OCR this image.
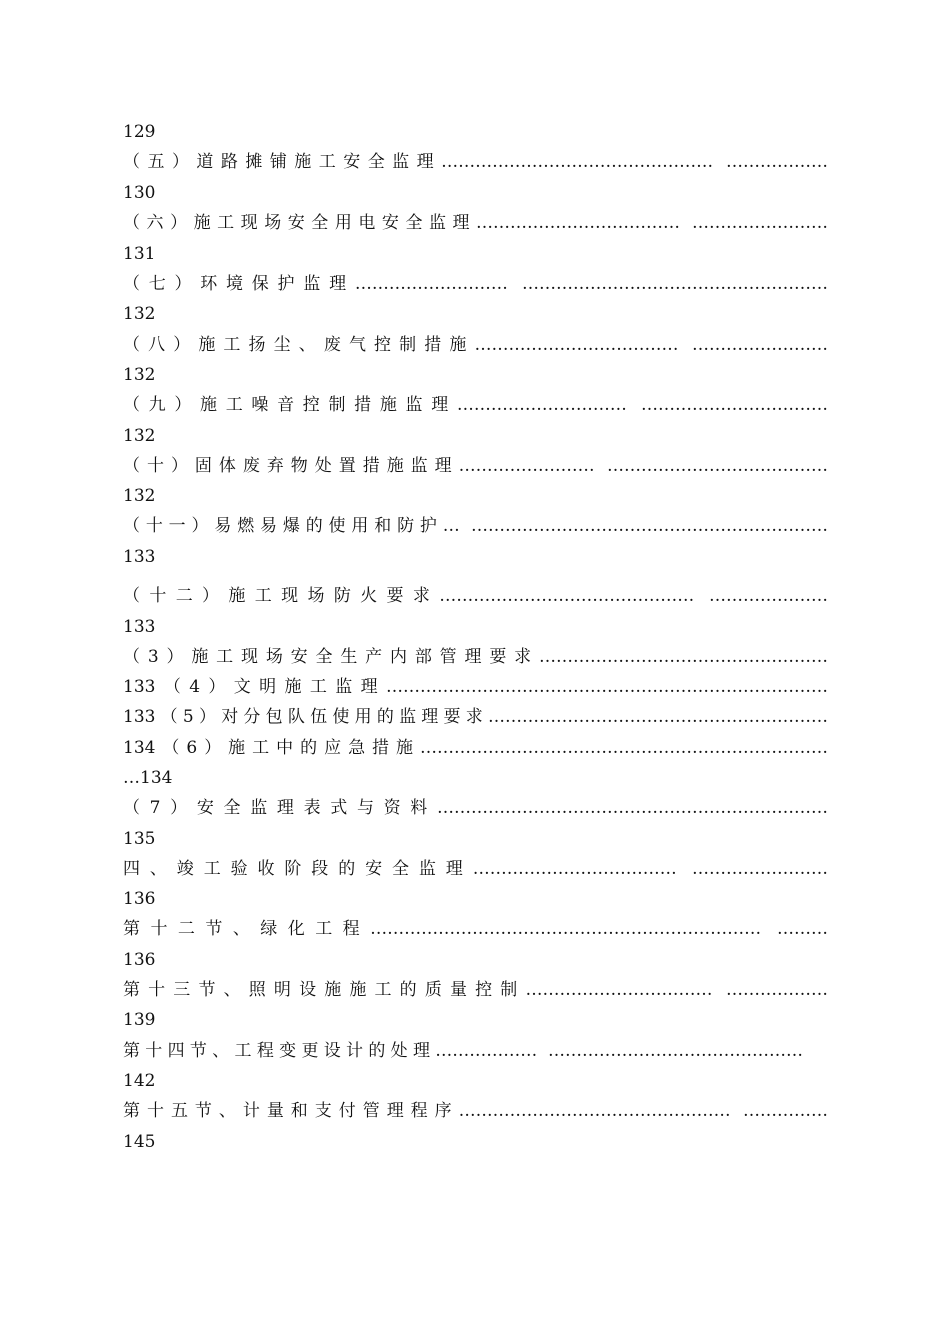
129
（五）道路摊铺施工安全监理………………………………………… ………………
130
（六）施工现场安全用电安全监理……………………………… ……………………
131
（七）环境保护监理……………………… ………………………………………………
132
（八）施工扬尘、废气控制措施……………………………… ……………………
132
（九）施工噪音控制措施监理………………………… ……………………………
132
（十）固体废弃物处置措施监理…………………… …………………………………
132
（十一）易燃易爆的使用和防护… ………………………………………………………
133
（十二）施工现场防火要求……………………………………… …………………
133
（3）施工现场安全生产内部管理要求……………………………………………
133（4）文明施工监理……………………………………………………………………
133（5）对分包队伍使用的监理要求……………………………………………………
134（6）施工中的应急措施………………………………………………………………
…134
（7）安全监理表式与资料……………………………………………………………
135
四、竣工验收阶段的安全监理……………………………… ……………………
136
第十二节、绿化工程…………………………………………………………… ………
136
第十三节、照明设施施工的质量控制…………………………… ………………
139
第十四节、工程变更设计的处理……………… ………………………………………
142
第十五节、计量和支付管理程序………………………………………… ……………
145
